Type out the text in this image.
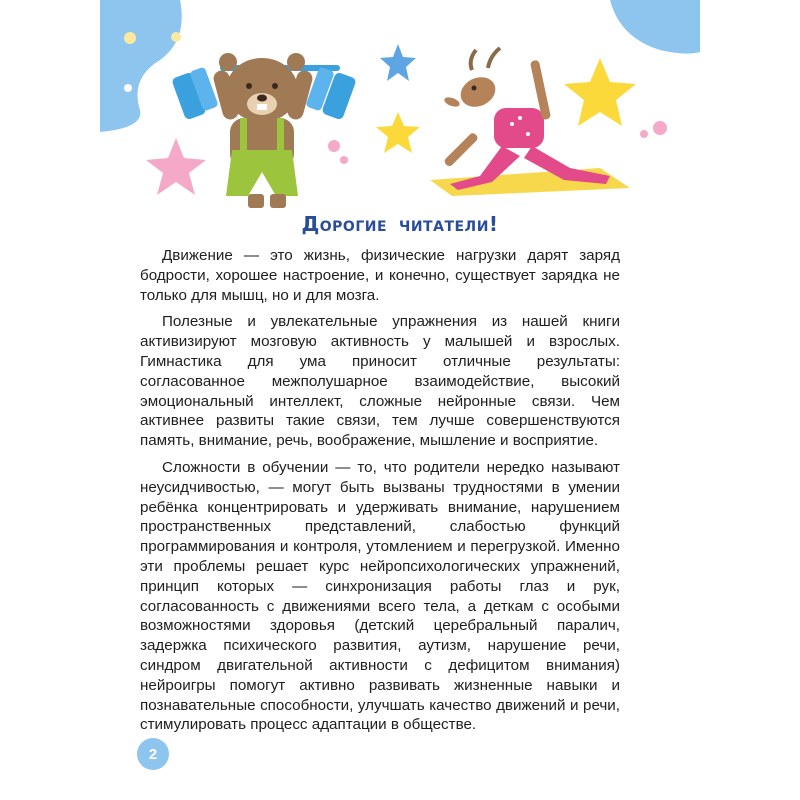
Дорогие читатели!

Движение — это жизнь, физические нагрузки дарят заряд бодрости, хорошее настроение, и конечно, существует зарядка не только для мышц, но и для мозга.

Полезные и увлекательные упражнения из нашей книги активизируют мозговую активность у малышей и взрослых. Гимнастика для ума приносит отличные результаты: согласованное межполушарное взаимодействие, высокий эмоциональный интеллект, сложные нейронные связи. Чем активнее развиты такие связи, тем лучше совершенствуются память, внимание, речь, воображение, мышление и восприятие.

Сложности в обучении — то, что родители нередко называют неусидчивостью, — могут быть вызваны трудностями в умении ребёнка концентрировать и удерживать внимание, нарушением пространственных представлений, слабостью функций программирования и контроля, утомлением и перегрузкой. Именно эти проблемы решает курс нейропсихологических упражнений, принцип которых — синхронизация работы глаз и рук, согласованность с движениями всего тела, а деткам с особыми возможностями здоровья (детский церебральный паралич, задержка психического развития, аутизм, нарушение речи, синдром двигательной активности с дефицитом внимания) нейроигры помогут активно развивать жизненные навыки и познавательные способности, улучшать качество движений и речи, стимулировать процесс адаптации в обществе.

2
